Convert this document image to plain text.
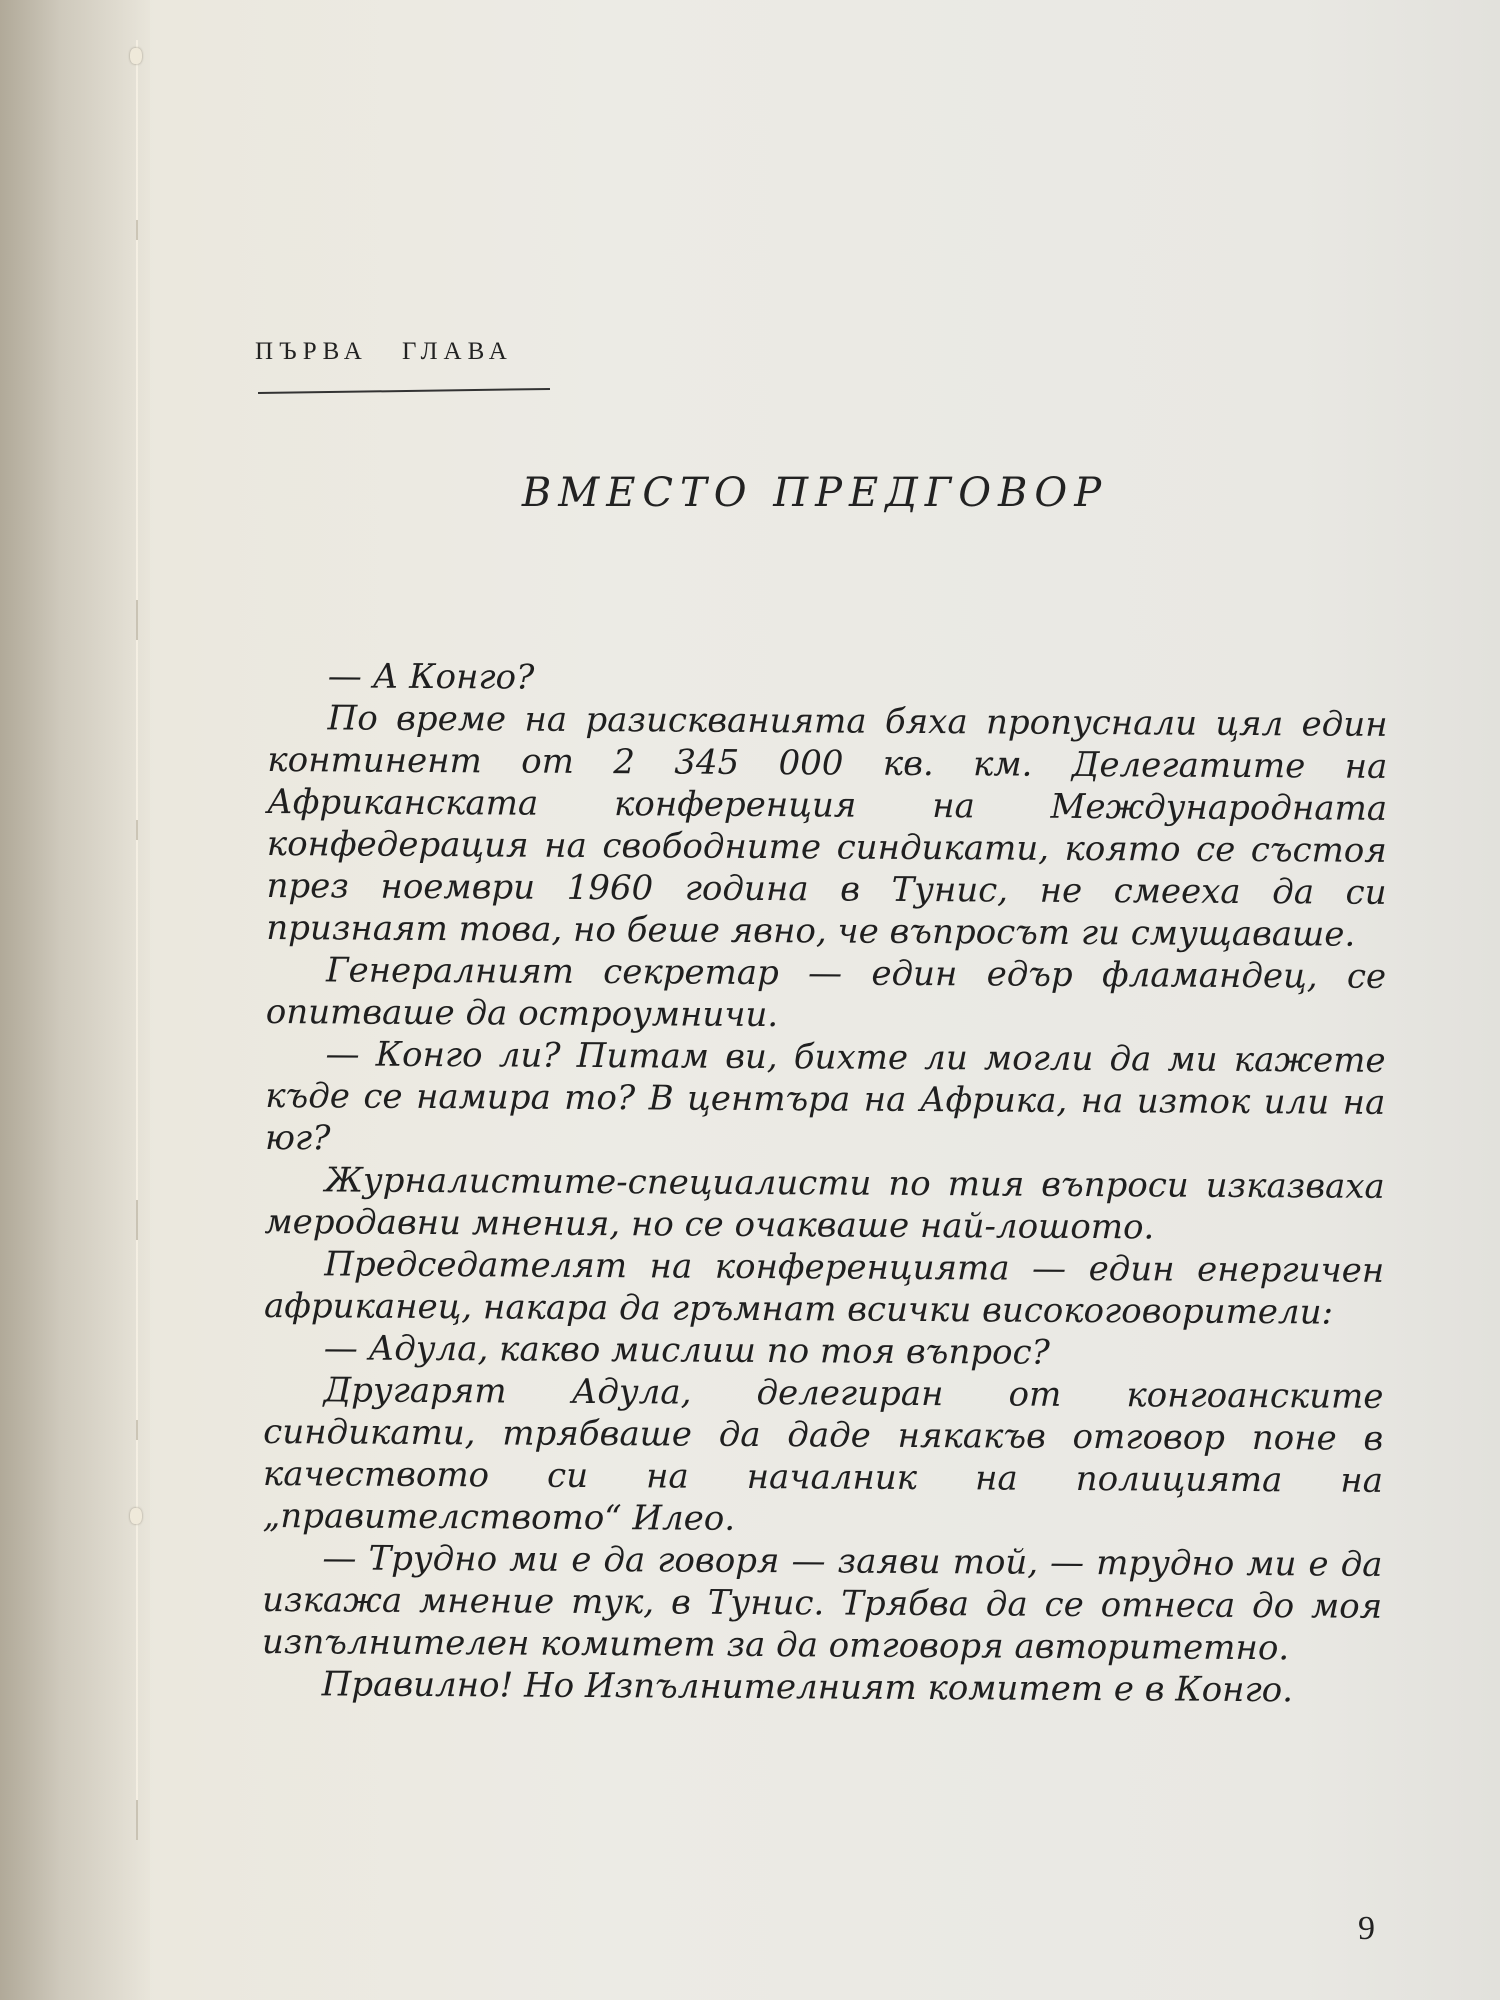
ПЪРВА ГЛАВА

ВМЕСТО ПРЕДГОВОР

— А Конго?

По време на разискванията бяха пропуснали цял един континент от 2 345 000 кв. км. Делегатите на Африканската конференция на Международната конфедерация на свободните синдикати, която се състоя през ноември 1960 година в Тунис, не смееха да си признаят това, но беше явно, че въпросът ги смущаваше.

Генералният секретар — един едър фламандец, се опитваше да остроумничи.

— Конго ли? Питам ви, бихте ли могли да ми кажете къде се намира то? В центъра на Африка, на изток или на юг?

Журналистите-специалисти по тия въпроси изказваха меродавни мнения, но се очакваше най-лошото.

Председателят на конференцията — един енергичен африканец, накара да гръмнат всички високоговорители:

— Адула, какво мислиш по тоя въпрос?

Другарят Адула, делегиран от конгоанските синдикати, трябваше да даде някакъв отговор поне в качеството си на началник на полицията на „правителството“ Илео.

— Трудно ми е да говоря — заяви той, — трудно ми е да изкажа мнение тук, в Тунис. Трябва да се отнеса до моя изпълнителен комитет за да отговоря авторитетно.

Правилно! Но Изпълнителният комитет е в Конго.

9
